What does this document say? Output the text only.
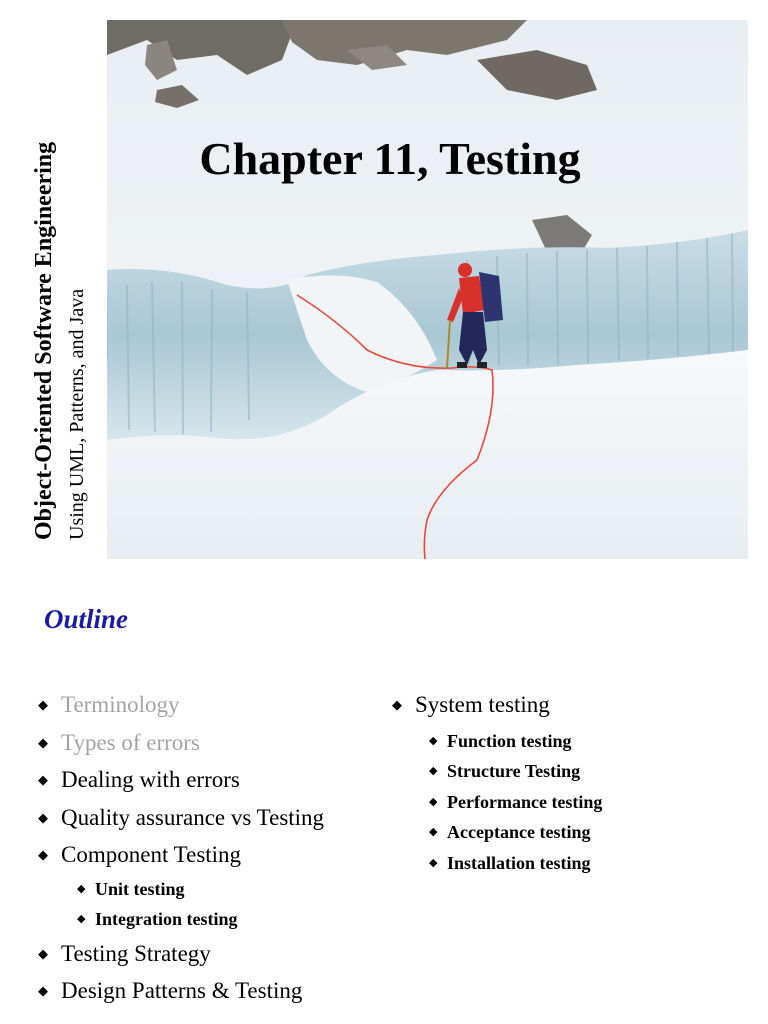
Object-Oriented Software Engineering Using UML, Patterns, and Java
Chapter 11, Testing
Outline
◆ Terminology
◆ Types of errors
◆ Dealing with errors
◆ Quality assurance vs Testing
◆ Component Testing
◆ Unit testing
◆ Integration testing
◆ Testing Strategy
◆ Design Patterns & Testing
◆ System testing
◆ Function testing
◆ Structure Testing
◆ Performance testing
◆ Acceptance testing
◆ Installation testing
